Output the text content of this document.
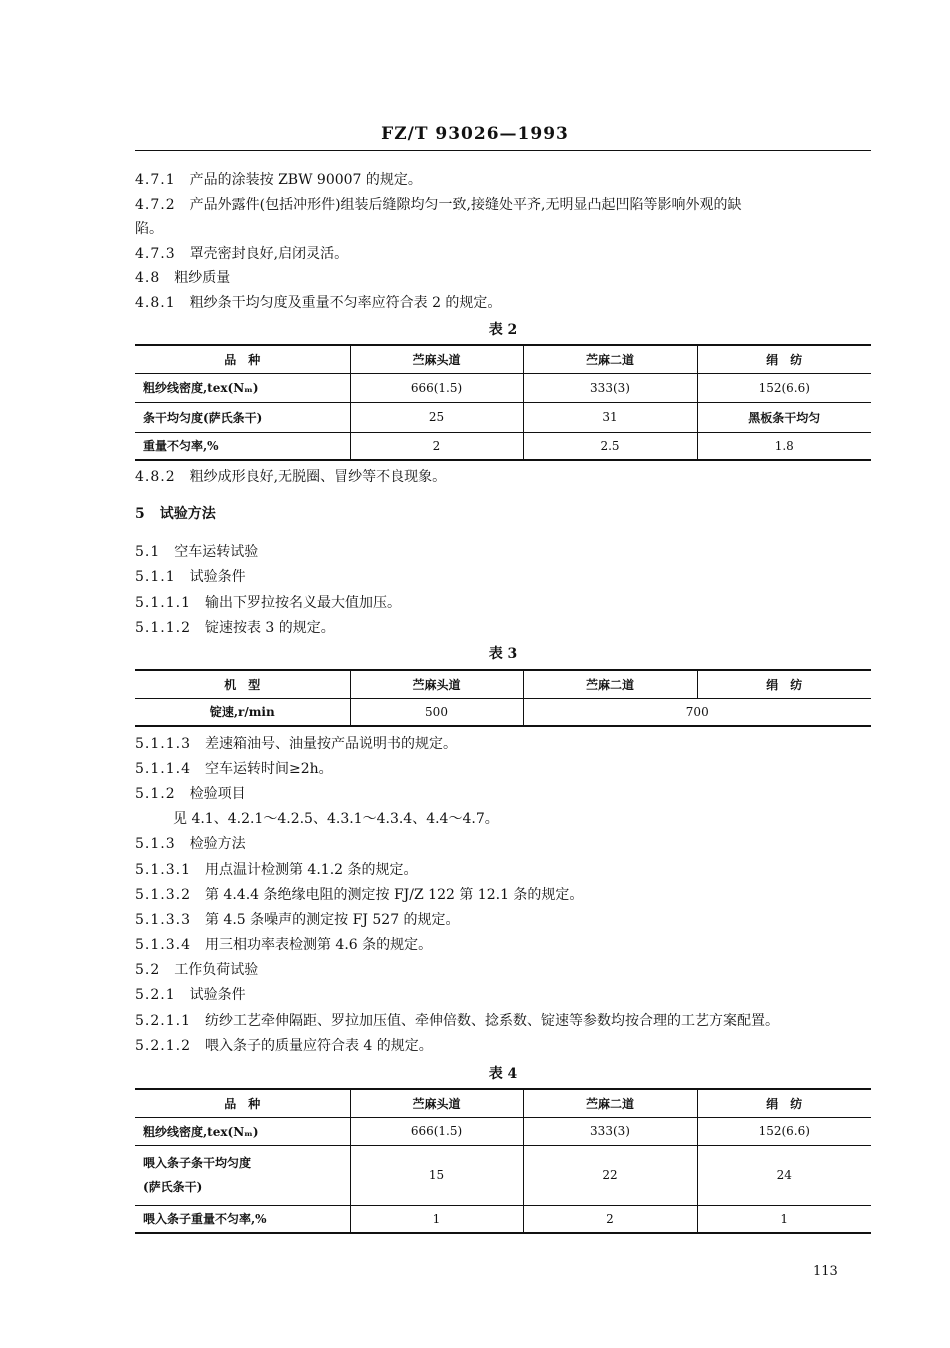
FZ/T 93026—1993
4.7.1 产品的涂装按 ZBW 90007 的规定。
4.7.2 产品外露件(包括冲形件)组装后缝隙均匀一致,接缝处平齐,无明显凸起凹陷等影响外观的缺
陷。
4.7.3 罩壳密封良好,启闭灵活。
4.8 粗纱质量
4.8.1 粗纱条干均匀度及重量不匀率应符合表 2 的规定。
表 2
品　种	苎麻头道	苎麻二道	绢　纺
粗纱线密度,tex(Nₘ)	666(1.5)	333(3)	152(6.6)
条干均匀度(萨氏条干)	25	31	黑板条干均匀
重量不匀率,%	2	2.5	1.8
4.8.2 粗纱成形良好,无脱圈、冒纱等不良现象。
5 试验方法
5.1 空车运转试验
5.1.1 试验条件
5.1.1.1 输出下罗拉按名义最大值加压。
5.1.1.2 锭速按表 3 的规定。
表 3
机　型	苎麻头道	苎麻二道	绢　纺
锭速,r/min	500	700	
5.1.1.3 差速箱油号、油量按产品说明书的规定。
5.1.1.4 空车运转时间≥2h。
5.1.2 检验项目
见 4.1、4.2.1～4.2.5、4.3.1～4.3.4、4.4～4.7。
5.1.3 检验方法
5.1.3.1 用点温计检测第 4.1.2 条的规定。
5.1.3.2 第 4.4.4 条绝缘电阻的测定按 FJ/Z 122 第 12.1 条的规定。
5.1.3.3 第 4.5 条噪声的测定按 FJ 527 的规定。
5.1.3.4 用三相功率表检测第 4.6 条的规定。
5.2 工作负荷试验
5.2.1 试验条件
5.2.1.1 纺纱工艺牵伸隔距、罗拉加压值、牵伸倍数、捻系数、锭速等参数均按合理的工艺方案配置。
5.2.1.2 喂入条子的质量应符合表 4 的规定。
表 4
品　种	苎麻头道	苎麻二道	绢　纺
粗纱线密度,tex(Nₘ)	666(1.5)	333(3)	152(6.6)
喂入条子条干均匀度
(萨氏条干)	15	22	24
喂入条子重量不匀率,%	1	2	1
113
